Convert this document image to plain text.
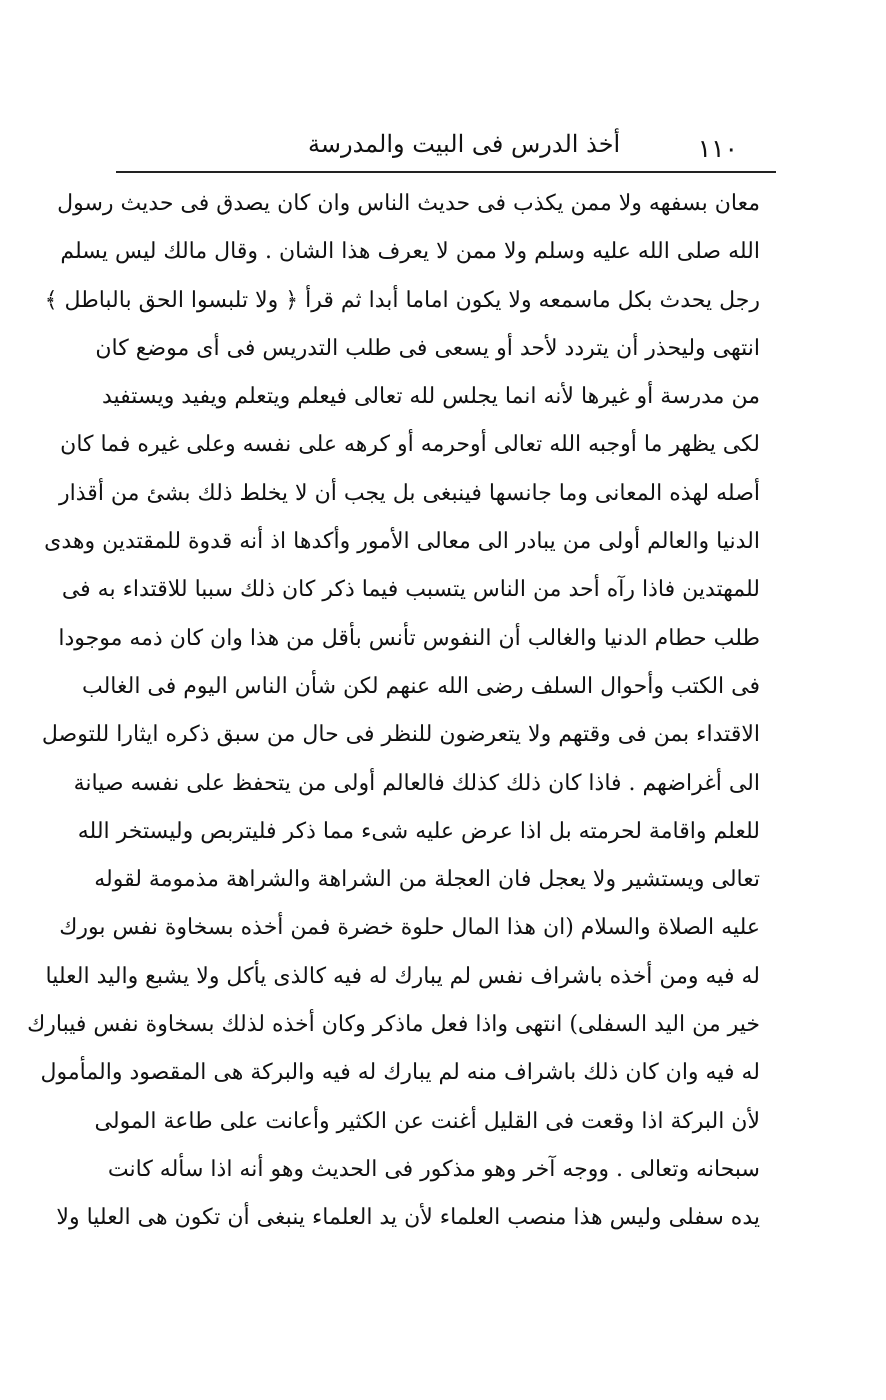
١١٠
أخذ الدرس فى البيت والمدرسة
معان بسفهه ولا ممن يكذب فى حديث الناس وان كان يصدق فى حديث رسول
الله صلى الله عليه وسلم ولا ممن لا يعرف هذا الشان . وقال مالك ليس يسلم
رجل يحدث بكل ماسمعه ولا يكون اماما أبدا ثم قرأ ﴿ ولا تلبسوا الحق بالباطل ﴾
انتهى وليحذر أن يتردد لأحد أو يسعى فى طلب التدريس فى أى موضع كان
من مدرسة أو غيرها لأنه انما يجلس لله تعالى فيعلم ويتعلم ويفيد ويستفيد
لكى يظهر ما أوجبه الله تعالى أوحرمه أو كرهه على نفسه وعلى غيره فما كان
أصله لهذه المعانى وما جانسها فينبغى بل يجب أن لا يخلط ذلك بشئ من أقذار
الدنيا والعالم أولى من يبادر الى معالى الأمور وأكدها اذ أنه قدوة للمقتدين وهدى
للمهتدين فاذا رآه أحد من الناس يتسبب فيما ذكر كان ذلك سببا للاقتداء به فى
طلب حطام الدنيا والغالب أن النفوس تأنس بأقل من هذا وان كان ذمه موجودا
فى الكتب وأحوال السلف رضى الله عنهم لكن شأن الناس اليوم فى الغالب
الاقتداء بمن فى وقتهم ولا يتعرضون للنظر فى حال من سبق ذكره ايثارا للتوصل
الى أغراضهم . فاذا كان ذلك كذلك فالعالم أولى من يتحفظ على نفسه صيانة
للعلم واقامة لحرمته بل اذا عرض عليه شىء مما ذكر فليتربص وليستخر الله
تعالى ويستشير ولا يعجل فان العجلة من الشراهة والشراهة مذمومة لقوله
عليه الصلاة والسلام (ان هذا المال حلوة خضرة فمن أخذه بسخاوة نفس بورك
له فيه ومن أخذه باشراف نفس لم يبارك له فيه كالذى يأكل ولا يشبع واليد العليا
خير من اليد السفلى) انتهى واذا فعل ماذكر وكان أخذه لذلك بسخاوة نفس فيبارك
له فيه وان كان ذلك باشراف منه لم يبارك له فيه والبركة هى المقصود والمأمول
لأن البركة اذا وقعت فى القليل أغنت عن الكثير وأعانت على طاعة المولى
سبحانه وتعالى . ووجه آخر وهو مذكور فى الحديث وهو أنه اذا سأله كانت
يده سفلى وليس هذا منصب العلماء لأن يد العلماء ينبغى أن تكون هى العليا ولا
